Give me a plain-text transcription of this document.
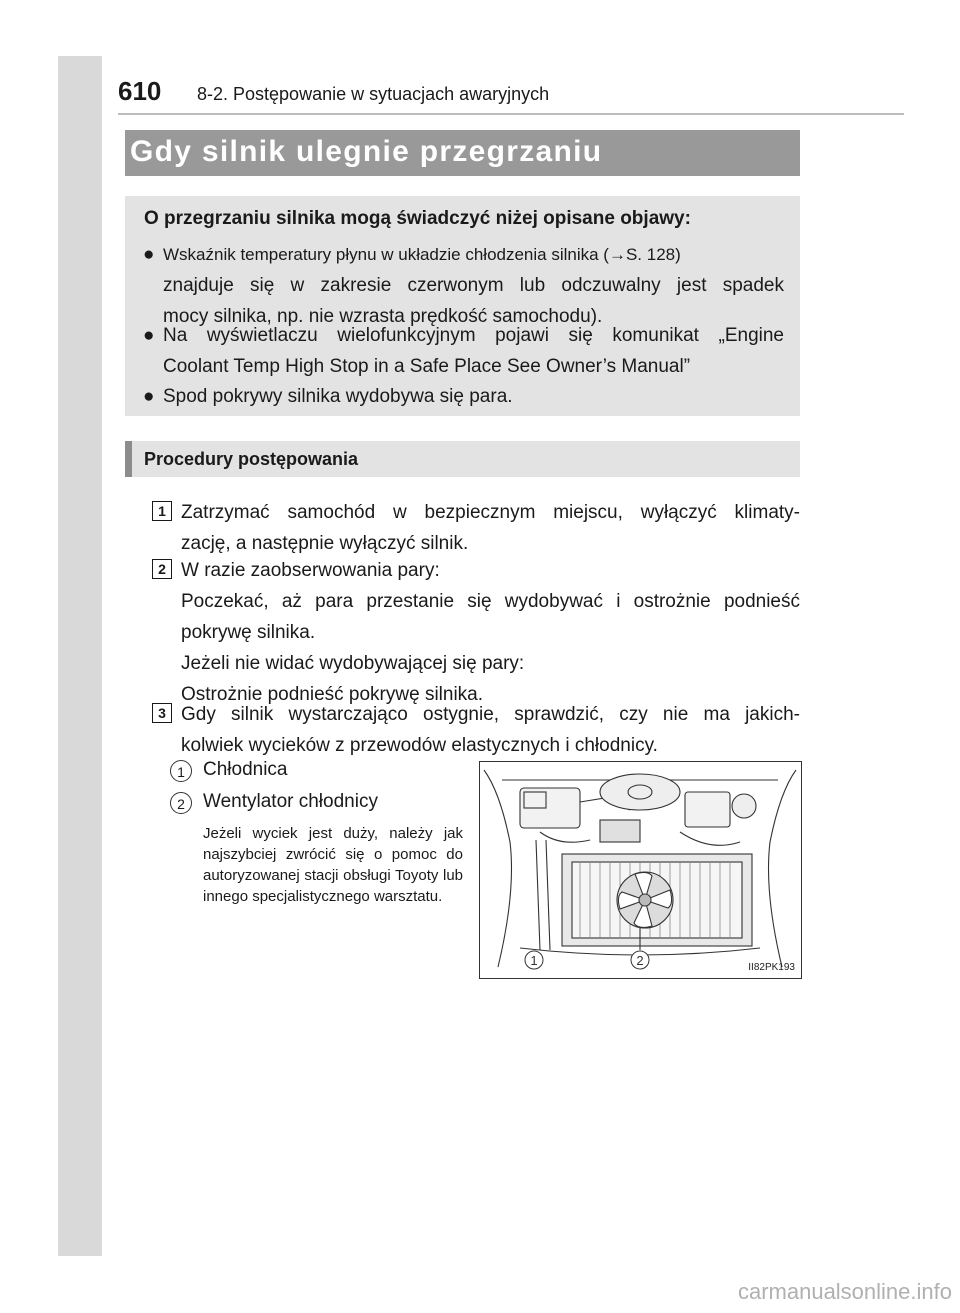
610 8-2. Postępowanie w sytuacjach awaryjnych
Gdy silnik ulegnie przegrzaniu
O przegrzaniu silnika mogą świadczyć niżej opisane objawy:
● Wskaźnik temperatury płynu w układzie chłodzenia silnika (→S. 128)
znajduje się w zakresie czerwonym lub odczuwalny jest spadek
mocy silnika, np. nie wzrasta prędkość samochodu).
● Na wyświetlaczu wielofunkcyjnym pojawi się komunikat „Engine
Coolant Temp High Stop in a Safe Place See Owner’s Manual”
● Spod pokrywy silnika wydobywa się para.
Procedury postępowania
1 Zatrzymać samochód w bezpiecznym miejscu, wyłączyć klimaty-
zację, a następnie wyłączyć silnik.
2 W razie zaobserwowania pary:
Poczekać, aż para przestanie się wydobywać i ostrożnie podnieść
pokrywę silnika.
Jeżeli nie widać wydobywającej się pary:
Ostrożnie podnieść pokrywę silnika.
3 Gdy silnik wystarczająco ostygnie, sprawdzić, czy nie ma jakich-
kolwiek wycieków z przewodów elastycznych i chłodnicy.
1 Chłodnica
2 Wentylator chłodnicy
Jeżeli wyciek jest duży, należy jak najszybciej zwrócić się o pomoc do autoryzowanej stacji obsługi Toyoty lub innego specjalistycznego warsztatu.
1	2	II82PK193
carmanualsonline.info
